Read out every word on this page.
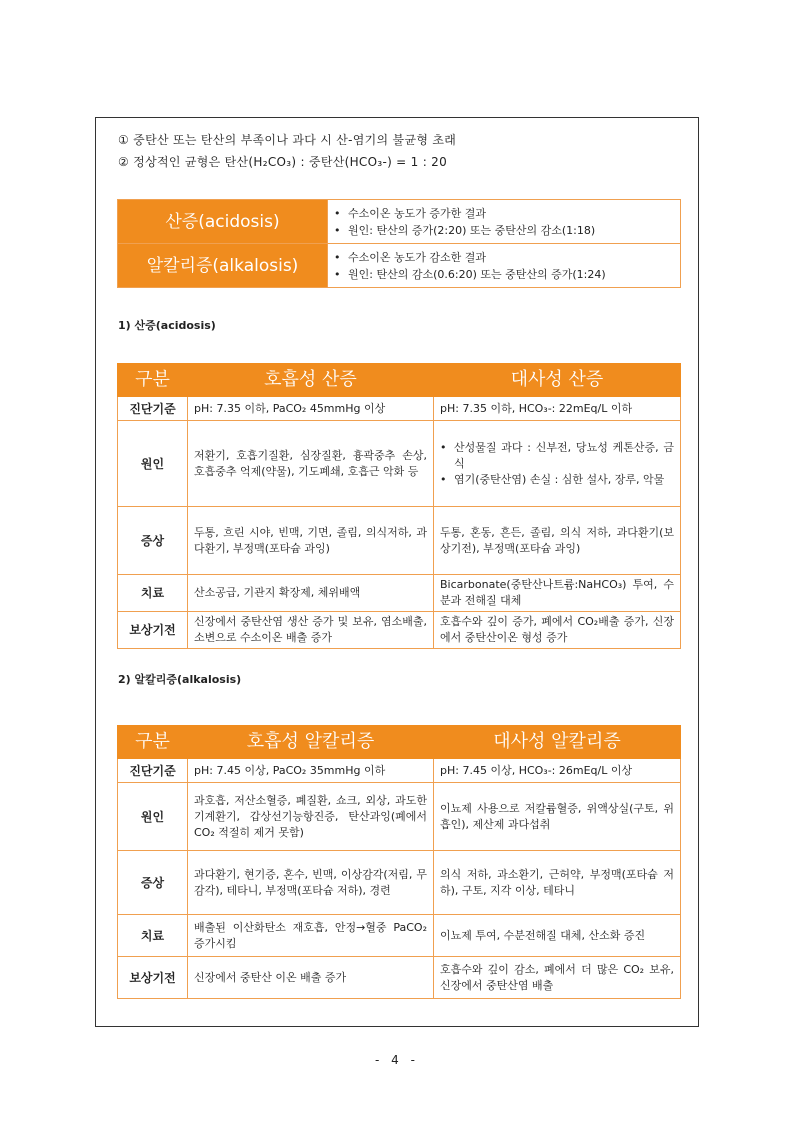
① 중탄산 또는 탄산의 부족이나 과다 시 산-염기의 불균형 초래
② 정상적인 균형은 탄산(H₂CO₃) : 중탄산(HCO₃-) = 1 : 20
산증(acidosis)	• 수소이온 농도가 증가한 결과
• 원인: 탄산의 증가(2:20) 또는 중탄산의 감소(1:18)

알칼리증(alkalosis)	• 수소이온 농도가 감소한 결과
• 원인: 탄산의 감소(0.6:20) 또는 중탄산의 증가(1:24)
1) 산증(acidosis)
구분	호흡성 산증	대사성 산증
진단기준	pH: 7.35 이하, PaCO₂ 45mmHg 이상	pH: 7.35 이하, HCO₃-: 22mEq/L 이하
원인	저환기, 호흡기질환, 심장질환, 흉곽중추 손상, 호흡중추 억제(약물), 기도폐쇄, 호흡근 악화 등	• 산성물질 과다 : 신부전, 당뇨성 케톤산증, 금식
• 염기(중탄산염) 손실 : 심한 설사, 장루, 악물

증상	두통, 흐린 시야, 빈맥, 기면, 졸림, 의식저하, 과다환기, 부정맥(포타슘 과잉)	두통, 혼동, 흔든, 졸림, 의식 저하, 과다환기(보상기전), 부정맥(포타슘 과잉)
치료	산소공급, 기관지 확장제, 체위배액	Bicarbonate(중탄산나트륨:NaHCO₃) 투여, 수분과 전해질 대체
보상기전	신장에서 중탄산염 생산 증가 및 보유, 염소배출, 소변으로 수소이온 배출 증가	호흡수와 깊이 증가, 폐에서 CO₂배출 증가, 신장에서 중탄산이온 형성 증가
2) 알칼리증(alkalosis)
구분	호흡성 알칼리증	대사성 알칼리증
진단기준	pH: 7.45 이상, PaCO₂ 35mmHg 이하	pH: 7.45 이상, HCO₃-: 26mEq/L 이상
원인	과호흡, 저산소혈증, 폐질환, 쇼크, 외상, 과도한 기계환기, 갑상선기능항진증, 탄산과잉(폐에서 CO₂ 적절히 제거 못함)	이뇨제 사용으로 저칼륨혈증, 위액상실(구토, 위 흡인), 제산제 과다섭취
증상	과다환기, 현기증, 혼수, 빈맥, 이상감각(저림, 무감각), 테타니, 부정맥(포타슘 저하), 경련	의식 저하, 과소환기, 근허약, 부정맥(포타슘 저하), 구토, 지각 이상, 테타니
치료	배출된 이산화탄소 재호흡, 안정→혈중 PaCO₂ 증가시킴	이뇨제 투여, 수분전해질 대체, 산소화 증진
보상기전	신장에서 중탄산 이온 배출 증가	호흡수와 깊이 감소, 폐에서 더 많은 CO₂ 보유, 신장에서 중탄산염 배출
- 4 -
